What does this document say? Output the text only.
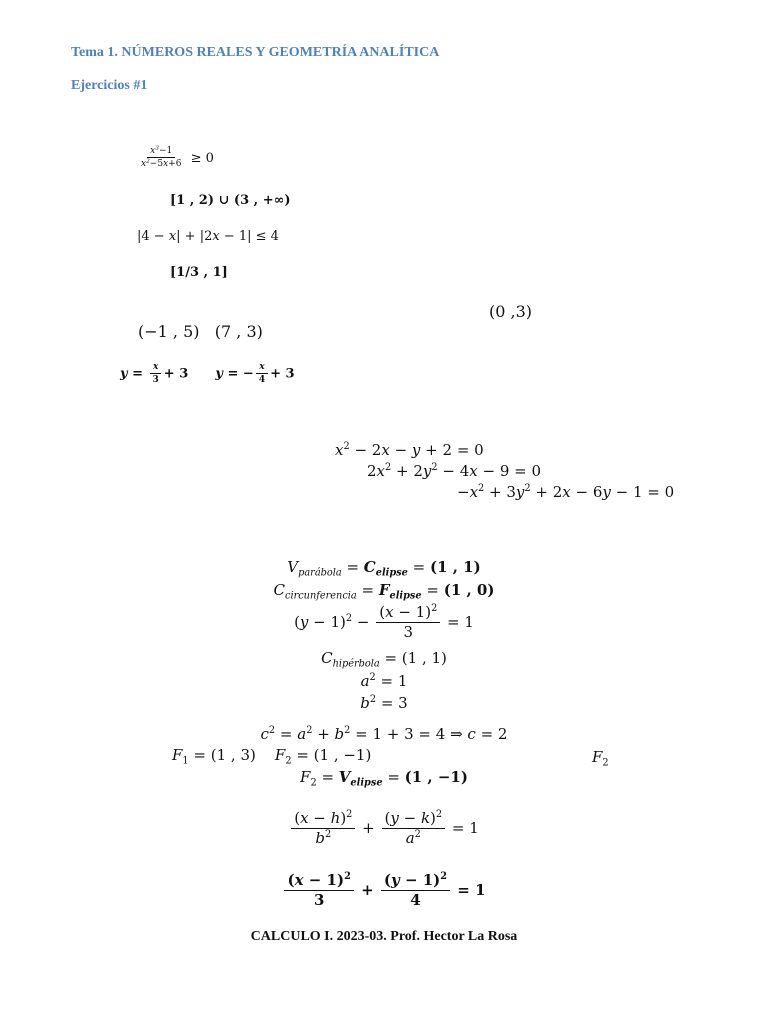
Tema 1. NÚMEROS REALES Y GEOMETRÍA ANALÍTICA
Ejercicios #1
$\frac{x^3-1}{x^2-5x+6} \ge 0$
[1 , 2) ∪ (3 , +∞)
|4 − x| + |2x − 1| ≤ 4
[1/3 , 1]
(0 ,3)
(−1 , 5)   (7 , 3)
$y = \frac{x}{3} + 3$      y = − $\frac{x}{4} + 3$
$x^2 - 2x - y + 2 = 0$
$2x^2 + 2y^2 - 4x - 9 = 0$
$-x^2 + 3y^2 + 2x - 6y - 1 = 0$
$V_{parábola} = C_{elipse} = (1$ , 1)
$C_{circunferencia} = F_{elipse} = (1$ , 0)
$(y - 1)^2 - \frac{(x - 1)^2}{3} = 1$
$C_{hipérbola} = (1$ , 1)
$a^2 = 1$
$b^2 = 3$
$c^2 = a^2 + b^2 = 1 + 3 = 4$ ⇒ c = 2
$F_1 = (1$ , 3)    $F_2 = (1$ , −1)	$F_2$
$F_2 = V_{elipse} = (1$ , −1)
$\frac{(x - h)^2}{b^2} + \frac{(y - k)^2}{a^2} = 1$
$\frac{(x - 1)^2}{3} + \frac{(y - 1)^2}{4} = 1$
CALCULO I. 2023-03. Prof. Hector La Rosa
